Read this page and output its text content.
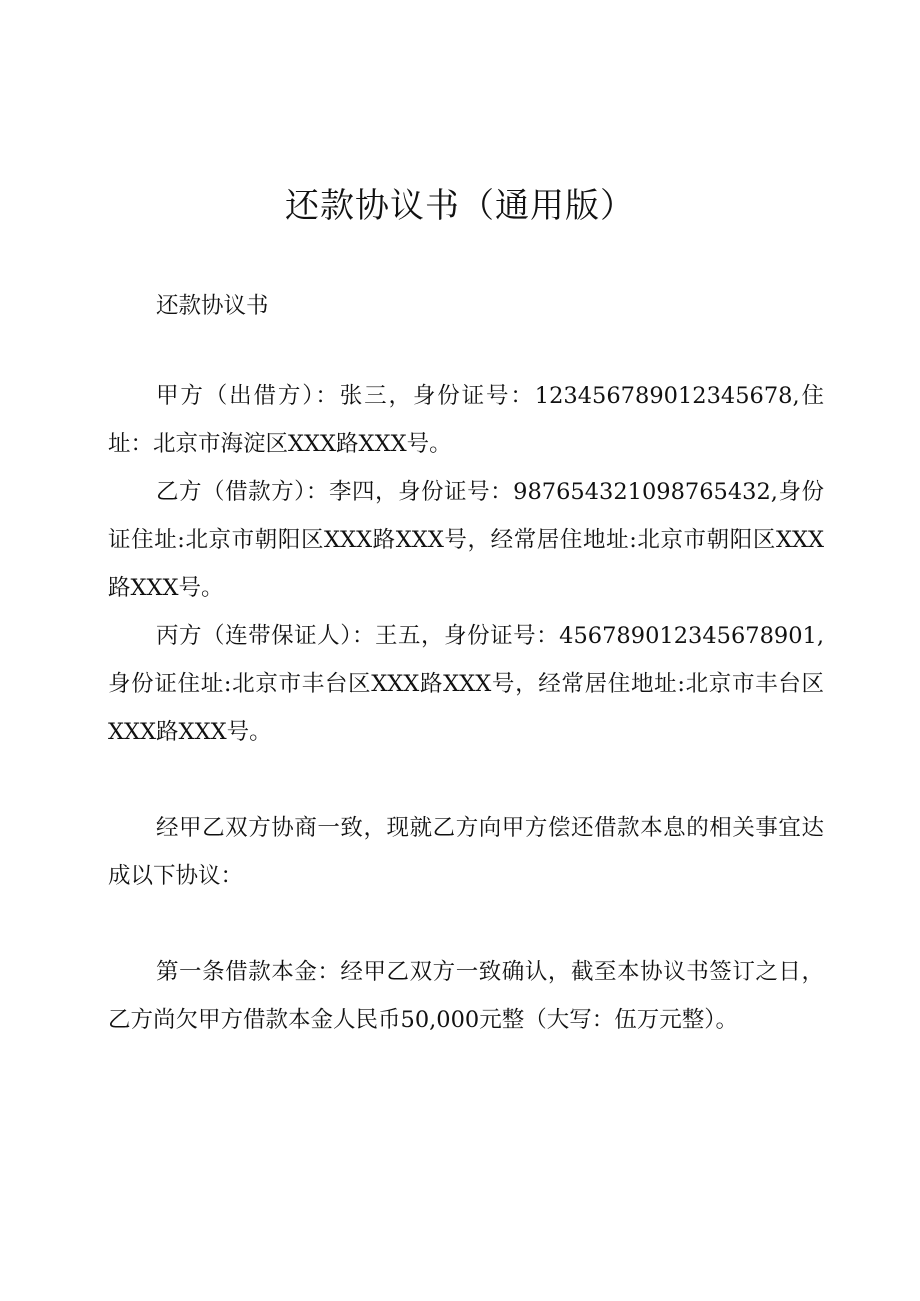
还款协议书（通用版）

还款协议书

甲方（出借方）：张三，身份证号：123456789012345678,住址：北京市海淀区XXX路XXX号。

乙方（借款方）：李四，身份证号：987654321098765432,身份证住址:北京市朝阳区XXX路XXX号，经常居住地址:北京市朝阳区XXX路XXX号。

丙方（连带保证人）：王五，身份证号：456789012345678901,身份证住址:北京市丰台区XXX路XXX号，经常居住地址:北京市丰台区XXX路XXX号。

经甲乙双方协商一致，现就乙方向甲方偿还借款本息的相关事宜达成以下协议：

第一条借款本金：经甲乙双方一致确认，截至本协议书签订之日，乙方尚欠甲方借款本金人民币50,000元整（大写：伍万元整）。
